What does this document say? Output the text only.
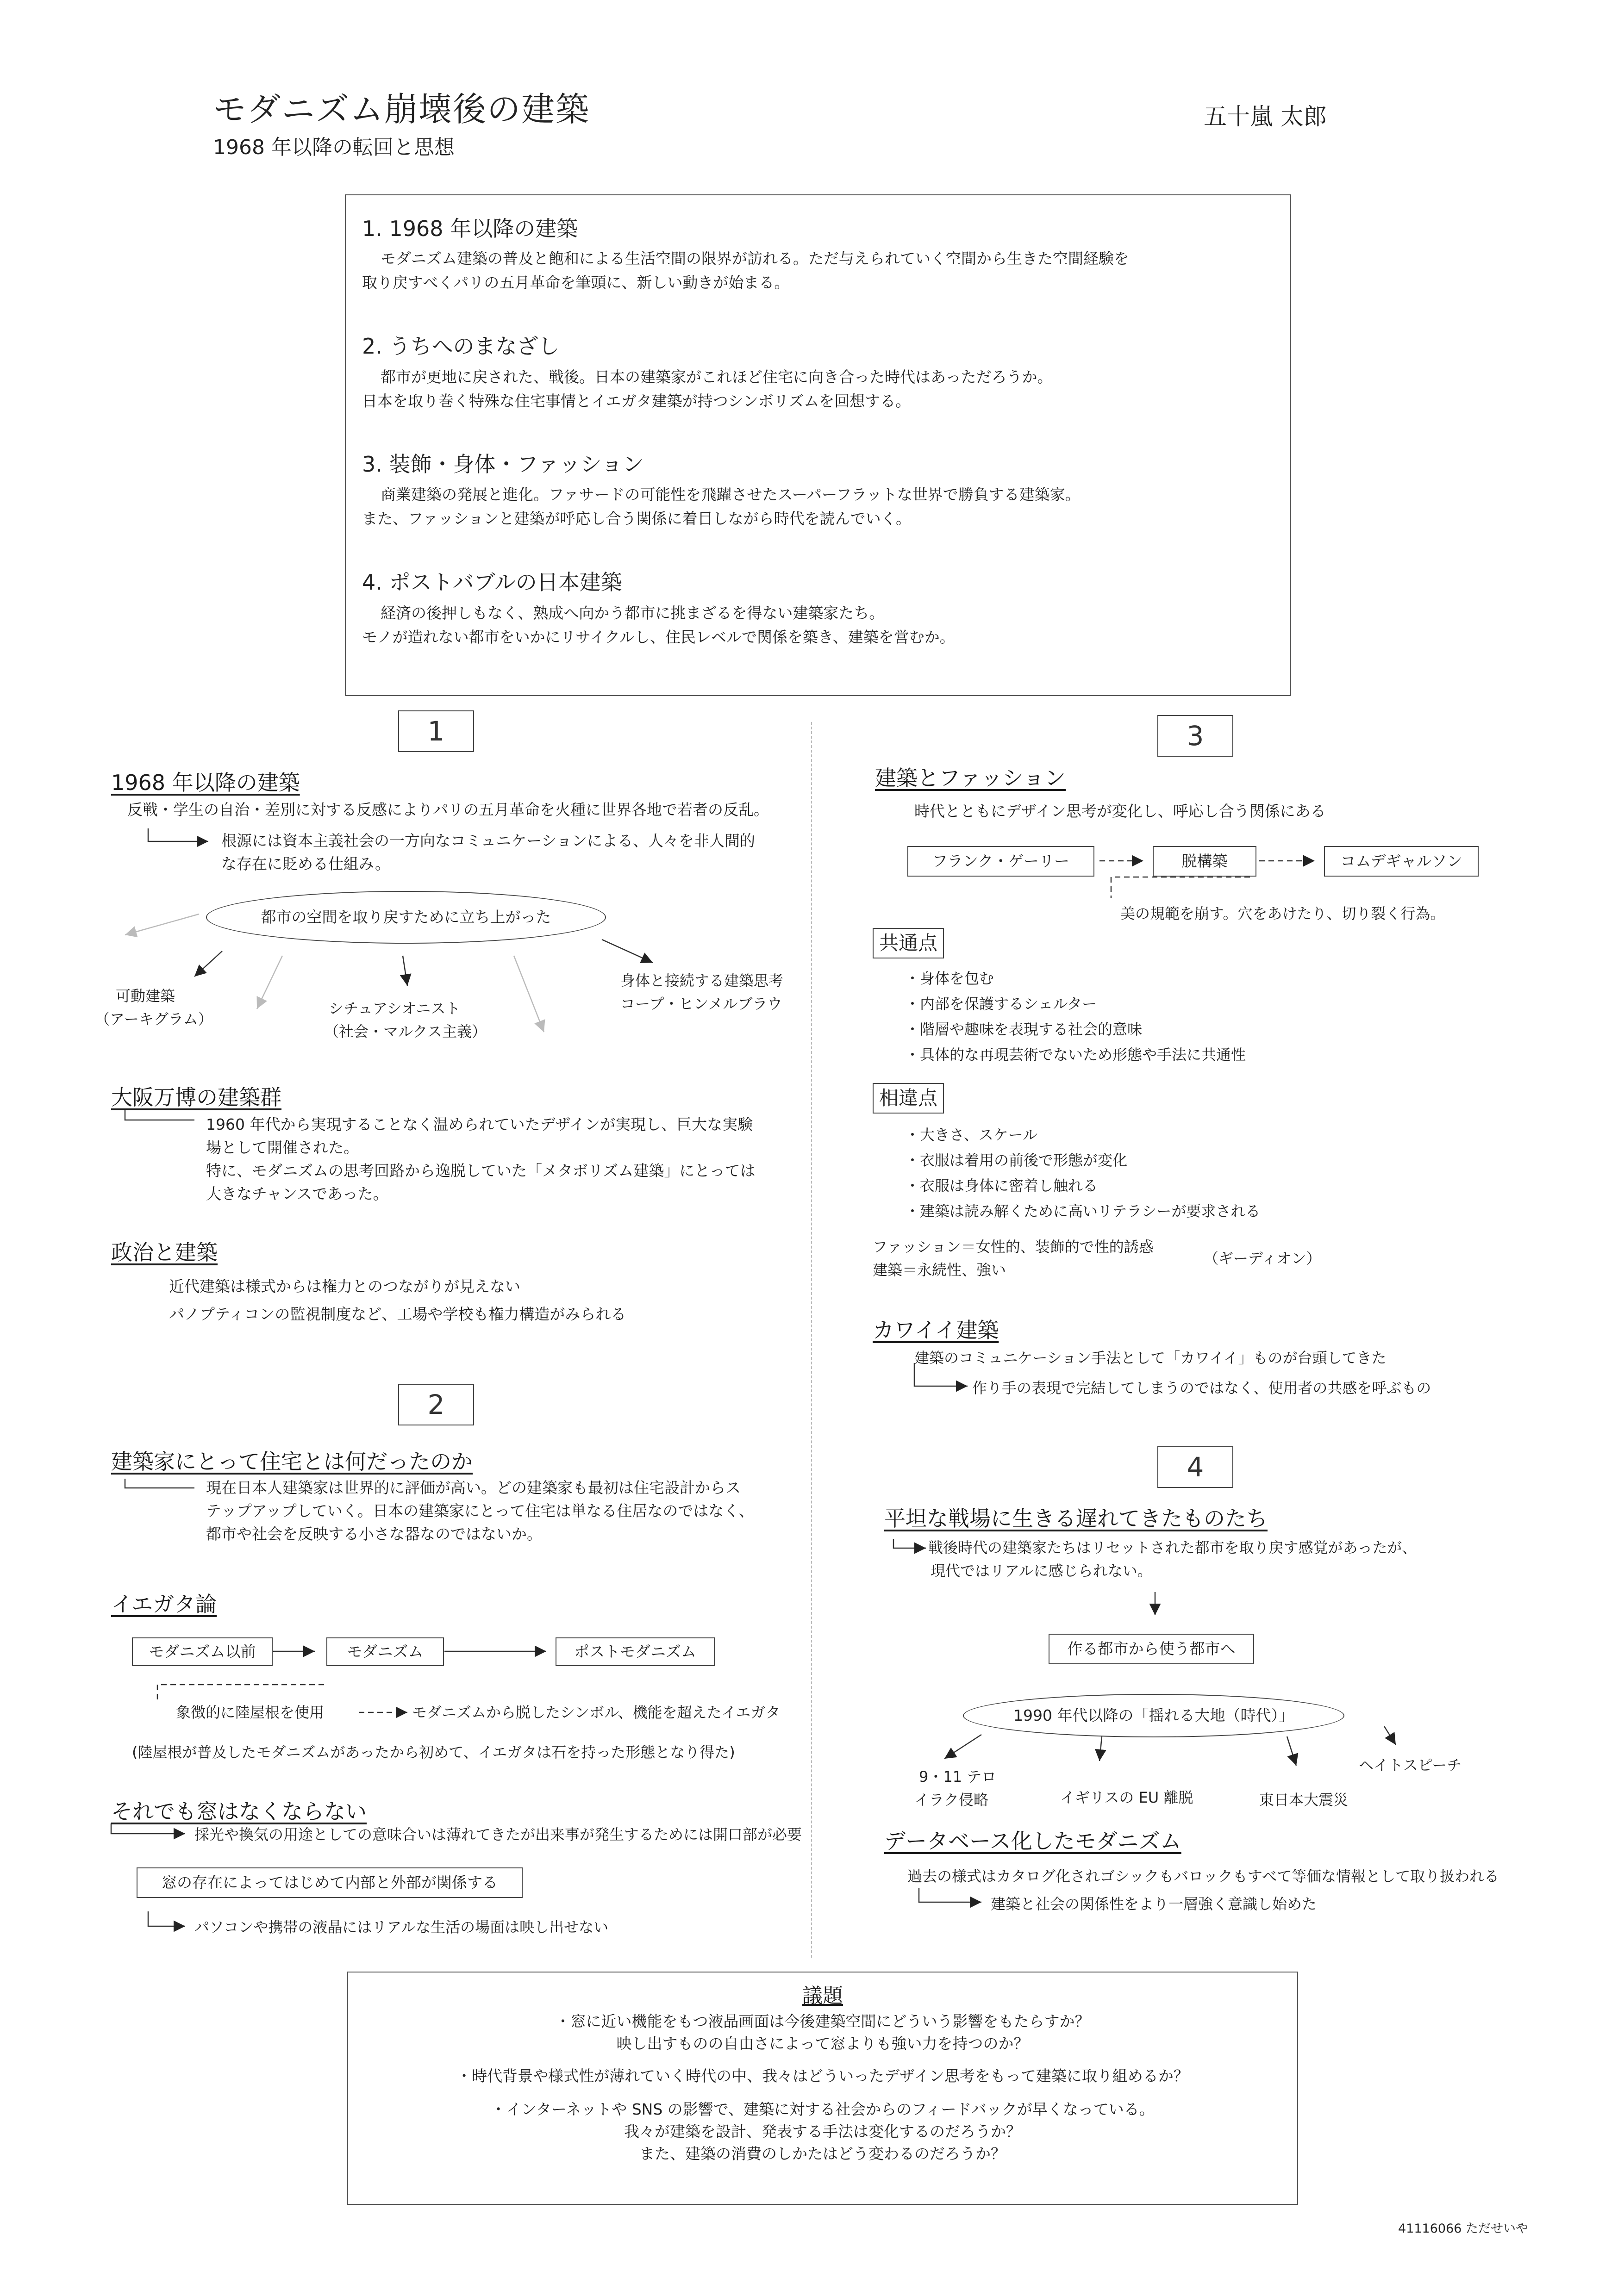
モダニズム崩壊後の建築
1968 年以降の転回と思想
五十嵐 太郎
1. 1968 年以降の建築
モダニズム建築の普及と飽和による生活空間の限界が訪れる。ただ与えられていく空間から生きた空間経験を
取り戻すべくパリの五月革命を筆頭に、新しい動きが始まる。
2. うちへのまなざし
都市が更地に戻された、戦後。日本の建築家がこれほど住宅に向き合った時代はあっただろうか。
日本を取り巻く特殊な住宅事情とイエガタ建築が持つシンボリズムを回想する。
3. 装飾・身体・ファッション
商業建築の発展と進化。ファサードの可能性を飛躍させたスーパーフラットな世界で勝負する建築家。
また、ファッションと建築が呼応し合う関係に着目しながら時代を読んでいく。
4. ポストバブルの日本建築
経済の後押しもなく、熟成へ向かう都市に挑まざるを得ない建築家たち。
モノが造れない都市をいかにリサイクルし、住民レベルで関係を築き、建築を営むか。
1
1968 年以降の建築
反戦・学生の自治・差別に対する反感によりパリの五月革命を火種に世界各地で若者の反乱。
根源には資本主義社会の一方向なコミュニケーションによる、人々を非人間的
な存在に貶める仕組み。
都市の空間を取り戻すために立ち上がった
可動建築
（アーキグラム）
シチュアシオニスト
（社会・マルクス主義）
身体と接続する建築思考
コープ・ヒンメルブラウ
大阪万博の建築群
1960 年代から実現することなく温められていたデザインが実現し、巨大な実験
場として開催された。
特に、モダニズムの思考回路から逸脱していた「メタボリズム建築」にとっては
大きなチャンスであった。
政治と建築
近代建築は様式からは権力とのつながりが見えない
パノプティコンの監視制度など、工場や学校も権力構造がみられる
2
建築家にとって住宅とは何だったのか
現在日本人建築家は世界的に評価が高い。どの建築家も最初は住宅設計からス
テップアップしていく。日本の建築家にとって住宅は単なる住居なのではなく、
都市や社会を反映する小さな器なのではないか。
イエガタ論
モダニズム以前	モダニズム	ポストモダニズム
象徴的に陸屋根を使用	モダニズムから脱したシンボル、機能を超えたイエガタ
(陸屋根が普及したモダニズムがあったから初めて、イエガタは石を持った形態となり得た)
それでも窓はなくならない
採光や換気の用途としての意味合いは薄れてきたが出来事が発生するためには開口部が必要
窓の存在によってはじめて内部と外部が関係する
パソコンや携帯の液晶にはリアルな生活の場面は映し出せない
3
建築とファッション
時代とともにデザイン思考が変化し、呼応し合う関係にある
フランク・ゲーリー	脱構築	コムデギャルソン
美の規範を崩す。穴をあけたり、切り裂く行為。
共通点
・身体を包む
・内部を保護するシェルター
・階層や趣味を表現する社会的意味
・具体的な再現芸術でないため形態や手法に共通性
相違点
・大きさ、スケール
・衣服は着用の前後で形態が変化
・衣服は身体に密着し触れる
・建築は読み解くために高いリテラシーが要求される
ファッション＝女性的、装飾的で性的誘惑
建築＝永続性、強い
（ギーディオン）
カワイイ建築
建築のコミュニケーション手法として「カワイイ」ものが台頭してきた
作り手の表現で完結してしまうのではなく、使用者の共感を呼ぶもの
4
平坦な戦場に生きる遅れてきたものたち
戦後時代の建築家たちはリセットされた都市を取り戻す感覚があったが、
現代ではリアルに感じられない。
作る都市から使う都市へ
1990 年代以降の「揺れる大地（時代）」
9・11 テロ
イラク侵略	イギリスの EU 離脱	東日本大震災
ヘイトスピーチ
データベース化したモダニズム
過去の様式はカタログ化されゴシックもバロックもすべて等価な情報として取り扱われる
建築と社会の関係性をより一層強く意識し始めた
議題
・窓に近い機能をもつ液晶画面は今後建築空間にどういう影響をもたらすか？
映し出すものの自由さによって窓よりも強い力を持つのか？
・時代背景や様式性が薄れていく時代の中、我々はどういったデザイン思考をもって建築に取り組めるか？
・インターネットや SNS の影響で、建築に対する社会からのフィードバックが早くなっている。
我々が建築を設計、発表する手法は変化するのだろうか？
また、建築の消費のしかたはどう変わるのだろうか？
41116066 ただせいや
